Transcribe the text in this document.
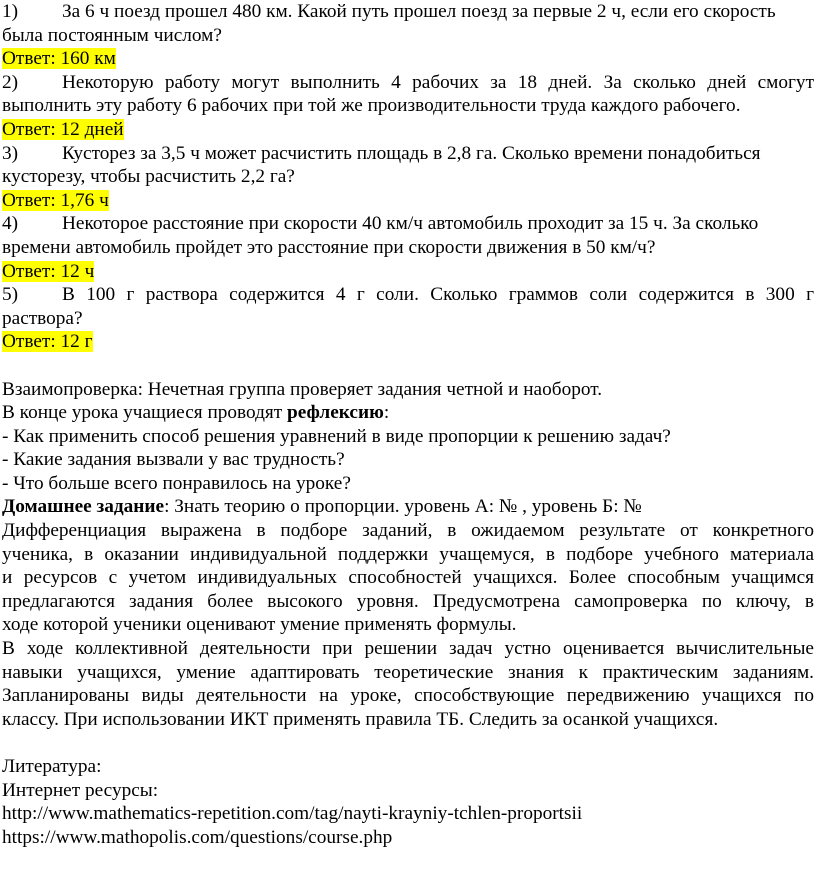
1) За 6 ч поезд прошел 480 км. Какой путь прошел поезд за первые 2 ч, если его скорость
была постоянным числом?
Ответ: 160 км
2) Некоторую работу могут выполнить 4 рабочих за 18 дней. За сколько дней смогут
выполнить эту работу 6 рабочих при той же производительности труда каждого рабочего.
Ответ: 12 дней
3) Кусторез за 3,5 ч может расчистить площадь в 2,8 га. Сколько времени понадобиться
кусторезу, чтобы расчистить 2,2 га?
Ответ: 1,76 ч
4) Некоторое расстояние при скорости 40 км/ч автомобиль проходит за 15 ч. За сколько
времени автомобиль пройдет это расстояние при скорости движения в 50 км/ч?
Ответ: 12 ч
5) В 100 г раствора содержится 4 г соли. Сколько граммов соли содержится в 300 г
раствора?
Ответ: 12 г
Взаимопроверка: Нечетная группа проверяет задания четной и наоборот.
В конце урока учащиеся проводят рефлексию:
- Как применить способ решения уравнений в виде пропорции к решению задач?
- Какие задания вызвали у вас трудность?
- Что больше всего понравилось на уроке?
Домашнее задание: Знать теорию о пропорции. уровень А: № , уровень Б: №
Дифференциация выражена в подборе заданий, в ожидаемом результате от конкретного
ученика, в оказании индивидуальной поддержки учащемуся, в подборе учебного материала
и ресурсов с учетом индивидуальных способностей учащихся. Более способным учащимся
предлагаются задания более высокого уровня. Предусмотрена самопроверка по ключу, в
ходе которой ученики оценивают умение применять формулы.
В ходе коллективной деятельности при решении задач устно оценивается вычислительные
навыки учащихся, умение адаптировать теоретические знания к практическим заданиям.
Запланированы виды деятельности на уроке, способствующие передвижению учащихся по
классу. При использовании ИКТ применять правила ТБ. Следить за осанкой учащихся.
Литература:
Интернет ресурсы:
http://www.mathematics-repetition.com/tag/nayti-krayniy-tchlen-proportsii
https://www.mathopolis.com/questions/course.php
